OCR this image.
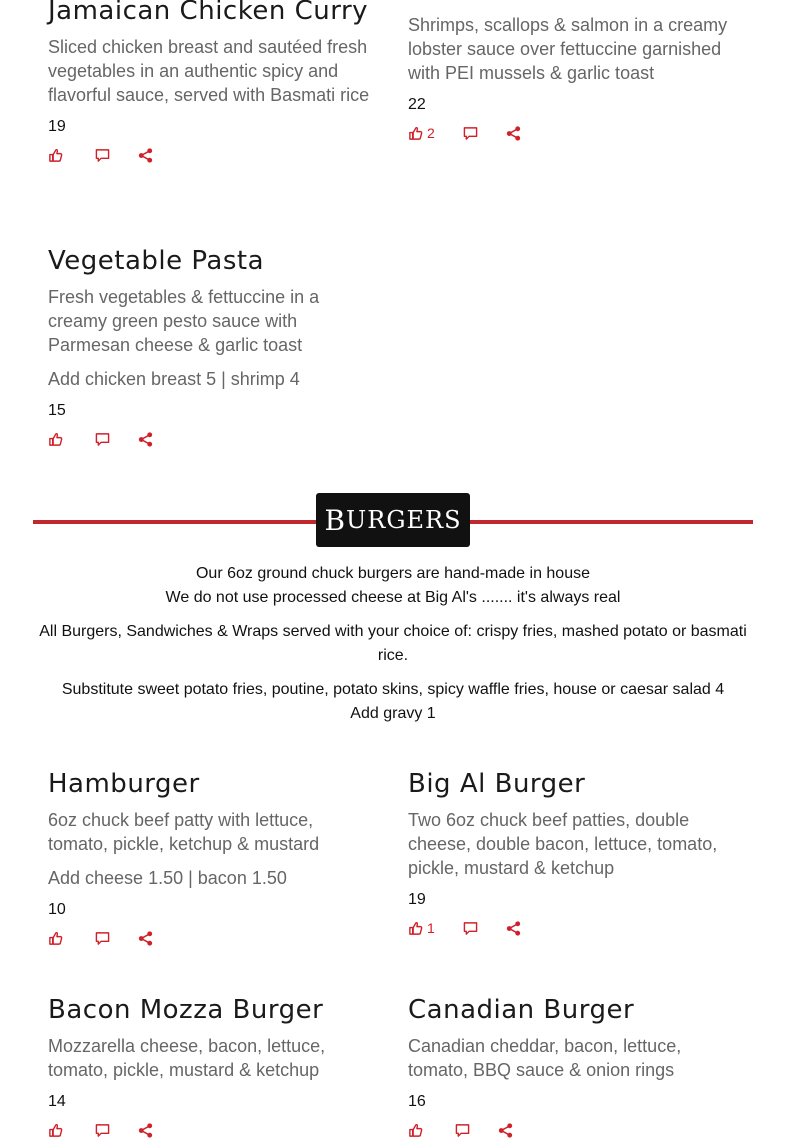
Jamaican Chicken Curry
Sliced chicken breast and sautéed fresh vegetables in an authentic spicy and flavorful sauce, served with Basmati rice
19
Shrimps, scallops & salmon in a creamy lobster sauce over fettuccine garnished with PEI mussels & garlic toast
22
2
Vegetable Pasta
Fresh vegetables & fettuccine in a creamy green pesto sauce with Parmesan cheese & garlic toast
Add chicken breast 5 | shrimp 4
15
B URGERS
Our 6oz ground chuck burgers are hand-made in house
We do not use processed cheese at Big Al's ....... it's always real
All Burgers, Sandwiches & Wraps served with your choice of: crispy fries, mashed potato or basmati rice.
Substitute sweet potato fries, poutine, potato skins, spicy waffle fries, house or caesar salad 4
Add gravy 1
Hamburger
6oz chuck beef patty with lettuce, tomato, pickle, ketchup & mustard
Add cheese 1.50 | bacon 1.50
10
Big Al Burger
Two 6oz chuck beef patties, double cheese, double bacon, lettuce, tomato, pickle, mustard & ketchup
19
1
Bacon Mozza Burger
Mozzarella cheese, bacon, lettuce, tomato, pickle, mustard & ketchup
14
Canadian Burger
Canadian cheddar, bacon, lettuce, tomato, BBQ sauce & onion rings
16
